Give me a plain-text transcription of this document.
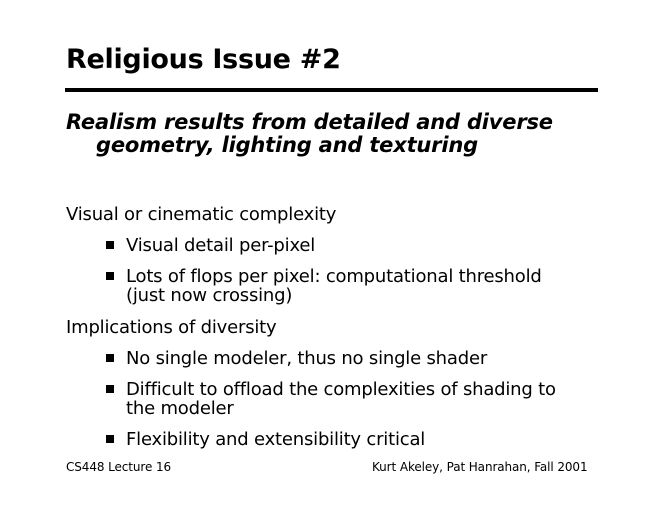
Religious Issue #2
Realism results from detailed and diverse
geometry, lighting and texturing
Visual or cinematic complexity
Visual detail per-pixel
Lots of flops per pixel: computational threshold
(just now crossing)
Implications of diversity
No single modeler, thus no single shader
Difficult to offload the complexities of shading to
the modeler
Flexibility and extensibility critical
CS448 Lecture 16	Kurt Akeley, Pat Hanrahan, Fall 2001
